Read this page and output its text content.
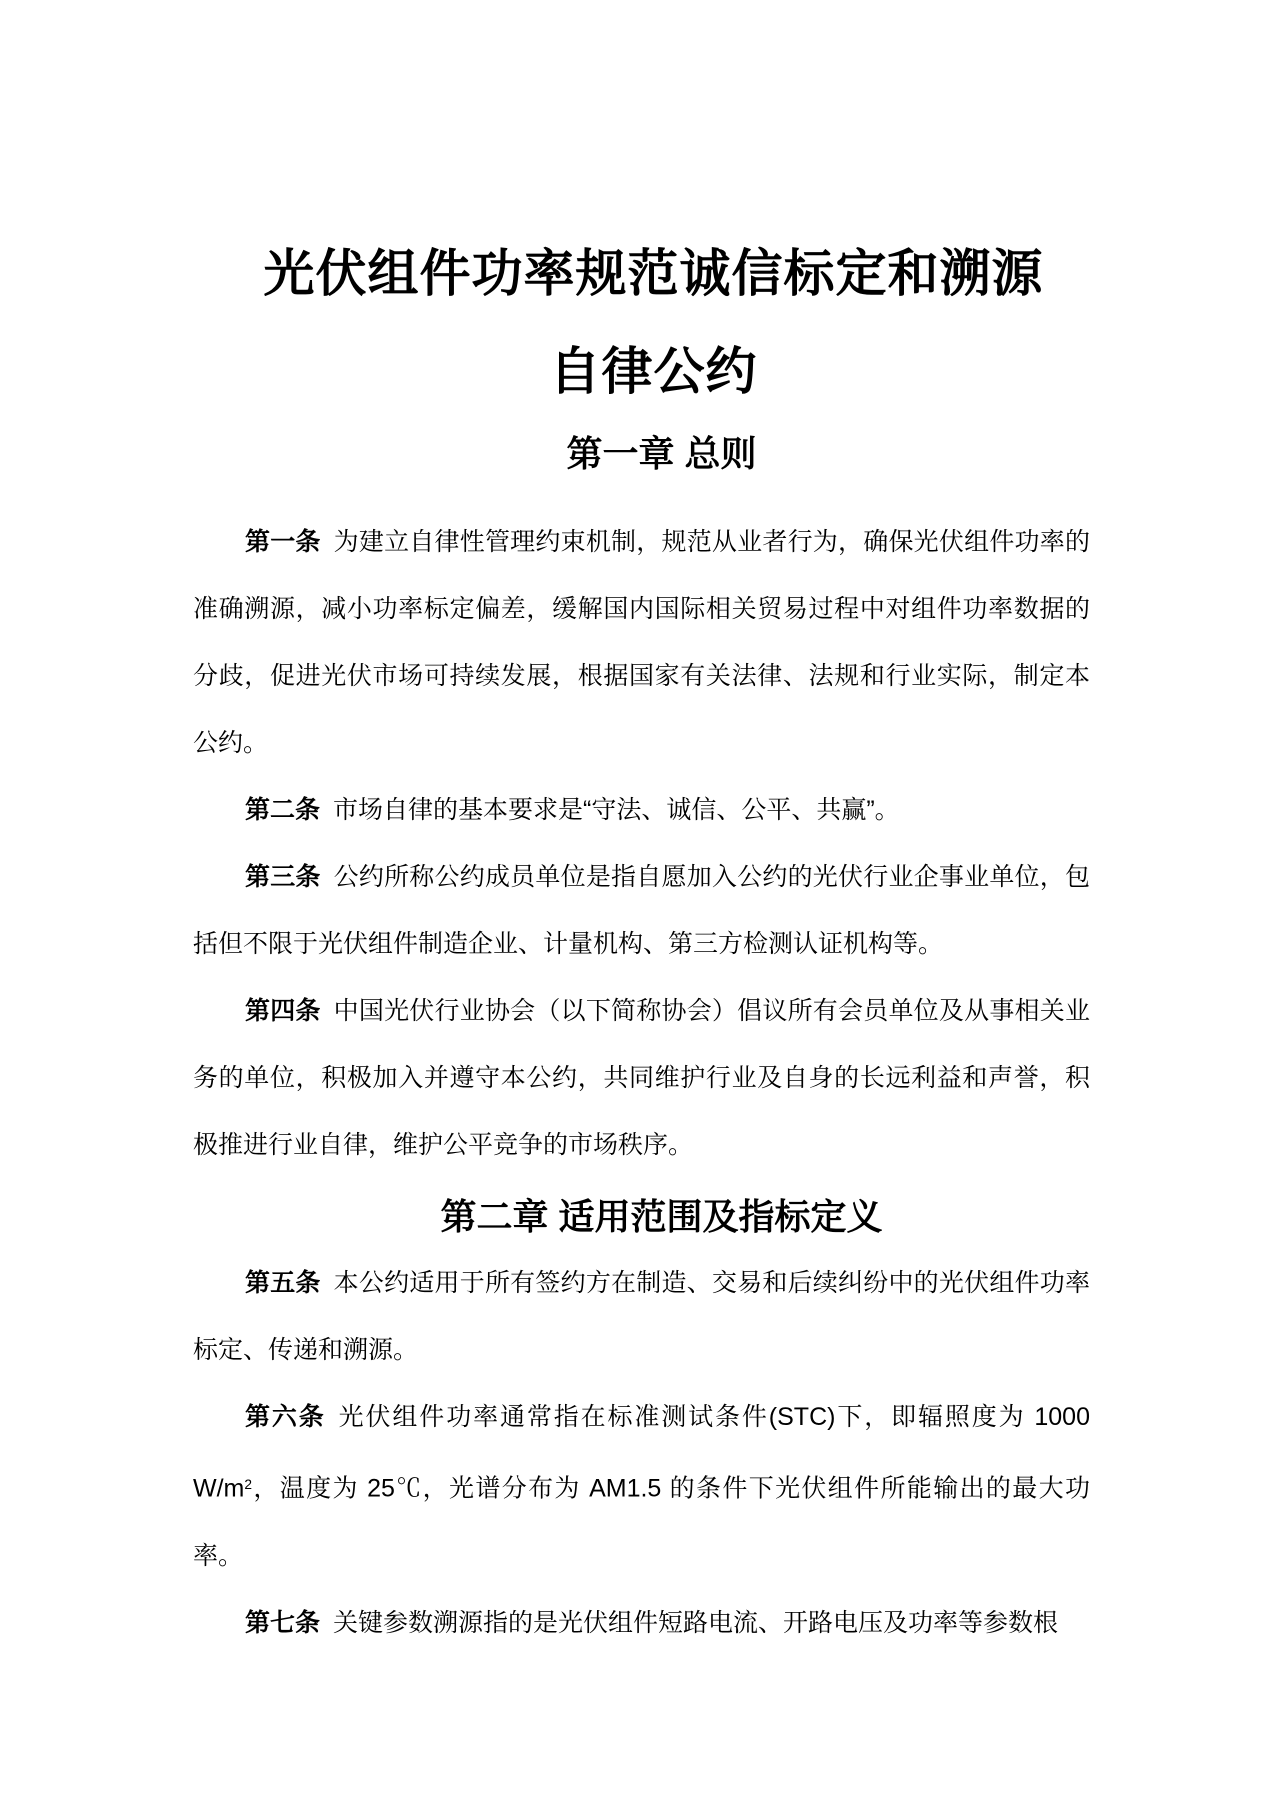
光伏组件功率规范诚信标定和溯源
自律公约
第一章 总则

第一条 为建立自律性管理约束机制，规范从业者行为，确保光伏组件功率的准确溯源，减小功率标定偏差，缓解国内国际相关贸易过程中对组件功率数据的分歧，促进光伏市场可持续发展，根据国家有关法律、法规和行业实际，制定本公约。

第二条 市场自律的基本要求是“守法、诚信、公平、共赢”。

第三条 公约所称公约成员单位是指自愿加入公约的光伏行业企事业单位，包括但不限于光伏组件制造企业、计量机构、第三方检测认证机构等。

第四条 中国光伏行业协会（以下简称协会）倡议所有会员单位及从事相关业务的单位，积极加入并遵守本公约，共同维护行业及自身的长远利益和声誉，积极推进行业自律，维护公平竞争的市场秩序。

第二章 适用范围及指标定义

第五条 本公约适用于所有签约方在制造、交易和后续纠纷中的光伏组件功率标定、传递和溯源。

第六条 光伏组件功率通常指在标准测试条件(STC)下，即辐照度为 1000 $W/m^2$，温度为 25℃，光谱分布为 AM1.5 的条件下光伏组件所能输出的最大功率。

第七条 关键参数溯源指的是光伏组件短路电流、开路电压及功率等参数根
